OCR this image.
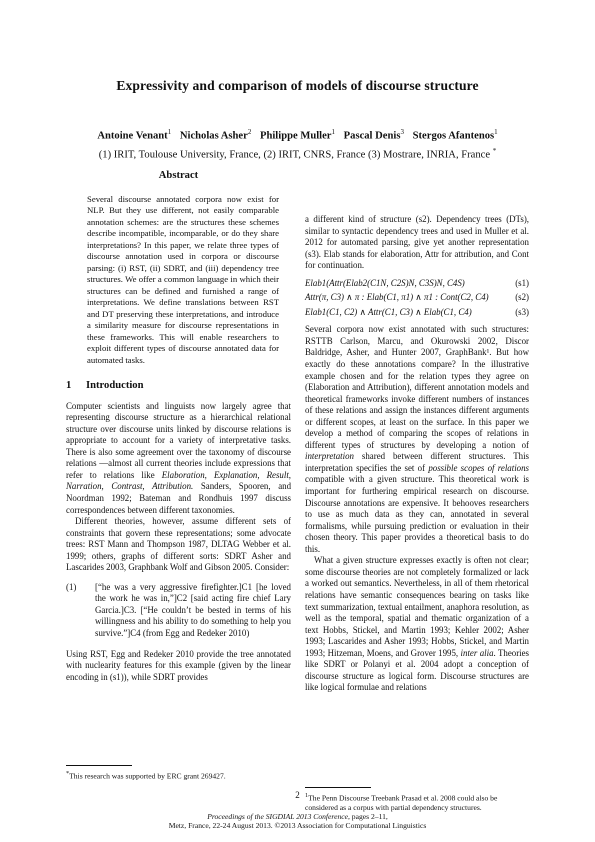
Expressivity and comparison of models of discourse structure
Antoine Venant$^1$ Nicholas Asher$^2$ Philippe Muller$^1$ Pascal Denis$^3$ Stergos Afantenos$^1$
(1) IRIT, Toulouse University, France, (2) IRIT, CNRS, France (3) Mostrare, INRIA, France *
Abstract

Several discourse annotated corpora now exist for NLP. But they use different, not easily comparable annotation schemes: are the structures these schemes describe incompatible, incomparable, or do they share interpretations? In this paper, we relate three types of discourse annotation used in corpora or discourse parsing: (i) RST, (ii) SDRT, and (iii) dependency tree structures. We offer a common language in which their structures can be defined and furnished a range of interpretations. We define translations between RST and DT preserving these interpretations, and introduce a similarity measure for discourse representations in these frameworks. This will enable researchers to exploit different types of discourse annotated data for automated tasks.

1 Introduction

Computer scientists and linguists now largely agree that representing discourse structure as a hierarchical relational structure over discourse units linked by discourse relations is appropriate to account for a variety of interpretative tasks. There is also some agreement over the taxonomy of discourse relations —almost all current theories include expressions that refer to relations like Elaboration, Explanation, Result, Narration, Contrast, Attribution. Sanders, Spooren, and Noordman 1992; Bateman and Rondhuis 1997 discuss correspondences between different taxonomies.

Different theories, however, assume different sets of constraints that govern these representations; some advocate trees: RST Mann and Thompson 1987, DLTAG Webber et al. 1999; others, graphs of different sorts: SDRT Asher and Lascarides 2003, Graphbank Wolf and Gibson 2005. Consider:

(1)	[“he was a very aggressive firefighter.]C1 [he loved the work he was in,”]C2 [said acting fire chief Lary Garcia.]C3. [“He couldn’t be bested in terms of his willingness and his ability to do something to help you survive.”]C4 (from Egg and Redeker 2010)

Using RST, Egg and Redeker 2010 provide the tree annotated with nuclearity features for this example (given by the linear encoding in (s1)), while SDRT provides

*This research was supported by ERC grant 269427.

a different kind of structure (s2). Dependency trees (DTs), similar to syntactic dependency trees and used in Muller et al. 2012 for automated parsing, give yet another representation (s3). Elab stands for elaboration, Attr for attribution, and Cont for continuation.

Elab1(Attr(Elab2(C1N, C2S)N, C3S)N, C4S)	(s1)
Attr(π, C3) ∧ π : Elab(C1, π1) ∧ π1 : Cont(C2, C4)	(s2)
Elab1(C1, C2) ∧ Attr(C1, C3) ∧ Elab(C1, C4)	(s3)

Several corpora now exist annotated with such structures: RSTTB Carlson, Marcu, and Okurowski 2002, Discor Baldridge, Asher, and Hunter 2007, GraphBank¹. But how exactly do these annotations compare? In the illustrative example chosen and for the relation types they agree on (Elaboration and Attribution), different annotation models and theoretical frameworks invoke different numbers of instances of these relations and assign the instances different arguments or different scopes, at least on the surface. In this paper we develop a method of comparing the scopes of relations in different types of structures by developing a notion of interpretation shared between different structures. This interpretation specifies the set of possible scopes of relations compatible with a given structure. This theoretical work is important for furthering empirical research on discourse. Discourse annotations are expensive. It behooves researchers to use as much data as they can, annotated in several formalisms, while pursuing prediction or evaluation in their chosen theory. This paper provides a theoretical basis to do this.

What a given structure expresses exactly is often not clear; some discourse theories are not completely formalized or lack a worked out semantics. Nevertheless, in all of them rhetorical relations have semantic consequences bearing on tasks like text summarization, textual entailment, anaphora resolution, as well as the temporal, spatial and thematic organization of a text Hobbs, Stickel, and Martin 1993; Kehler 2002; Asher 1993; Lascarides and Asher 1993; Hobbs, Stickel, and Martin 1993; Hitzeman, Moens, and Grover 1995, inter alia. Theories like SDRT or Polanyi et al. 2004 adopt a conception of discourse structure as logical form. Discourse structures are like logical formulae and relations

$^1$The Penn Discourse Treebank Prasad et al. 2008 could also be considered as a corpus with partial dependency structures.
2
Proceedings of the SIGDIAL 2013 Conference, pages 2–11,
Metz, France, 22-24 August 2013. ©2013 Association for Computational Linguistics
